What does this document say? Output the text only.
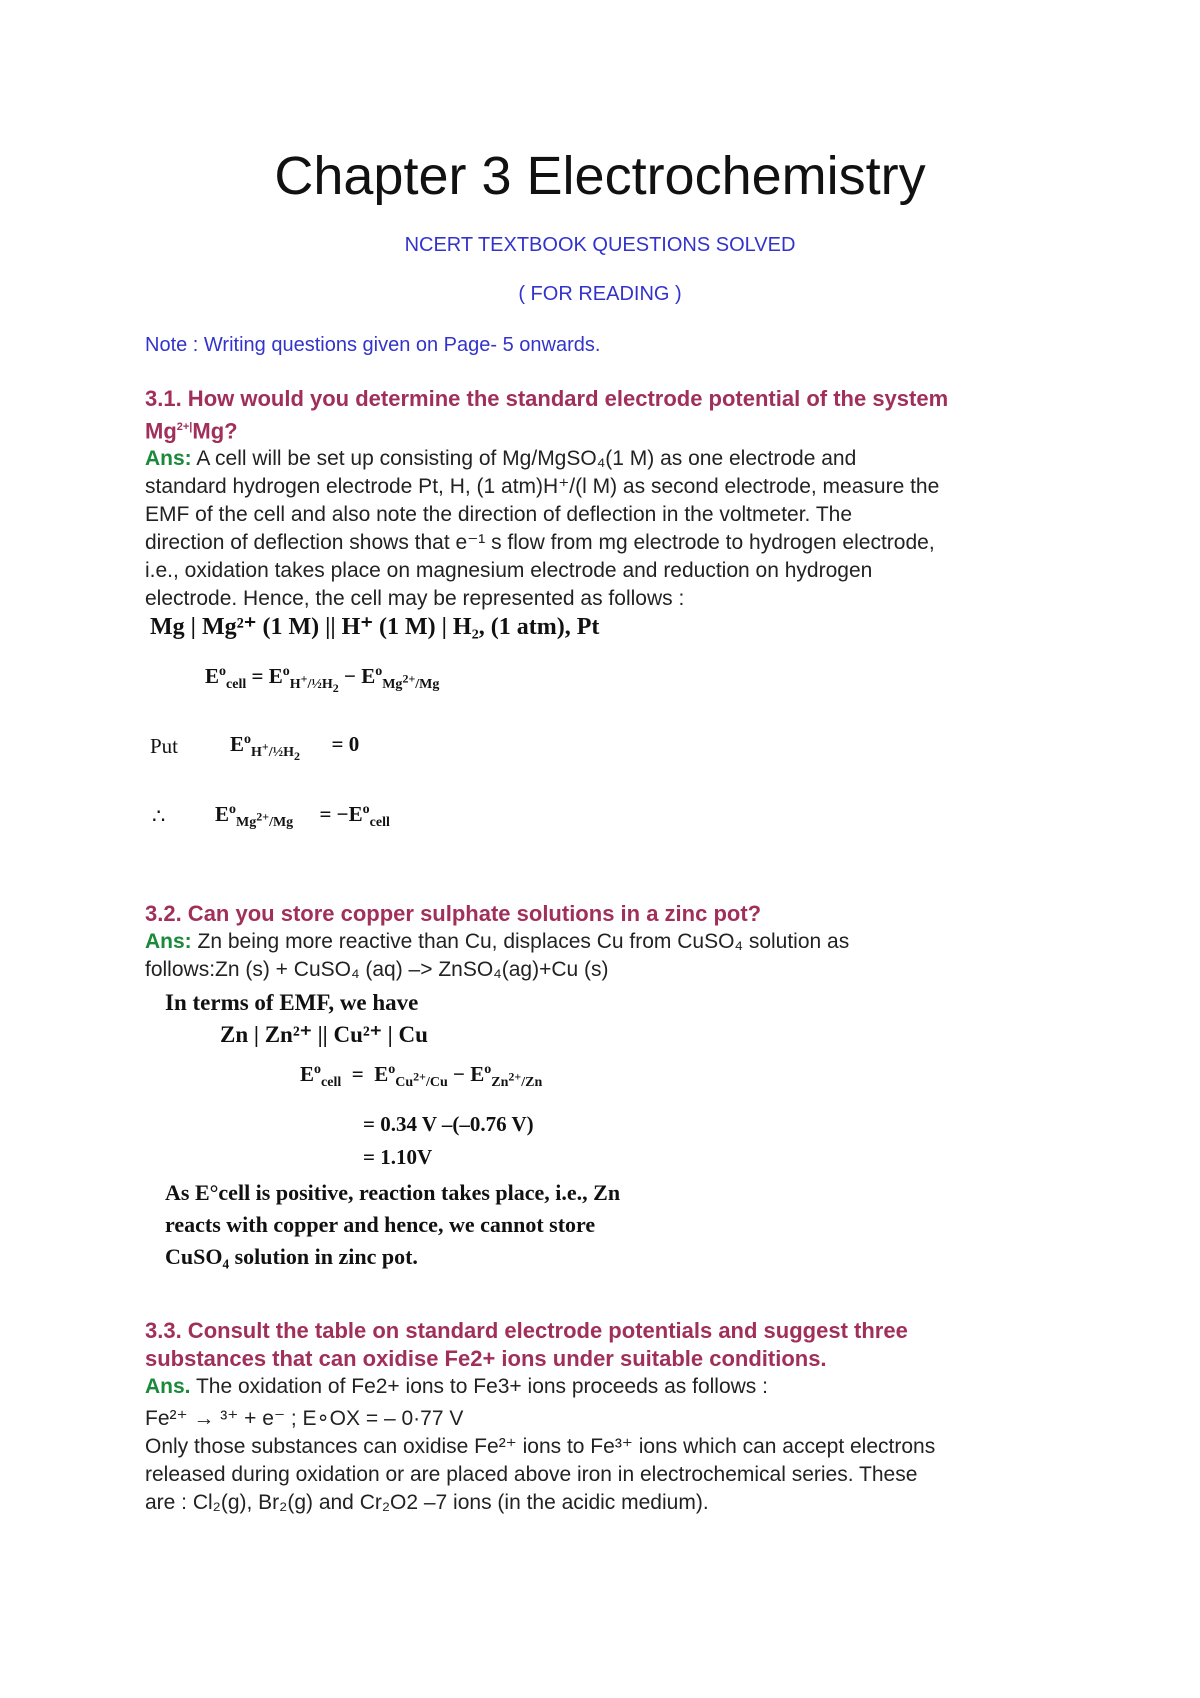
Chapter 3 Electrochemistry
NCERT TEXTBOOK QUESTIONS SOLVED
( FOR READING )
Note : Writing questions given on Page- 5 onwards.
3.1. How would you determine the standard electrode potential of the system
$Mg^{2+|}Mg$?
Ans: A cell will be set up consisting of Mg/MgSO₄(1 M) as one electrode and
standard hydrogen electrode Pt, H, (1 atm)H⁺/(l M) as second electrode, measure the
EMF of the cell and also note the direction of deflection in the voltmeter. The
direction of deflection shows that e⁻¹ s flow from mg electrode to hydrogen electrode,
i.e., oxidation takes place on magnesium electrode and reduction on hydrogen
electrode. Hence, the cell may be represented as follows :
Mg | Mg²⁺ (1 M) || H⁺ (1 M) | H₂, (1 atm), Pt
$E^o_{cell} = E^o_{H^+/\frac{1}{2}H_2} - E^o_{Mg^{2+}/Mg}$
Put $E^o_{H^+/\frac{1}{2}H_2}$      = 0
∴ $E^o_{Mg^{2+}/Mg}$     = $-E^o_{cell}$
3.2. Can you store copper sulphate solutions in a zinc pot?
Ans: Zn being more reactive than Cu, displaces Cu from CuSO₄ solution as
follows:Zn (s) + CuSO₄ (aq) –> ZnSO₄(ag)+Cu (s)
In terms of EMF, we have
Zn | Zn²⁺ || Cu²⁺ | Cu
$E^o_{cell} = E^o_{Cu^{2+}/Cu} - E^o_{Zn^{2+}/Zn}$
= 0.34 V –(–0.76 V)
= 1.10V
As E°cell is positive, reaction takes place, i.e., Zn
reacts with copper and hence, we cannot store
CuSO₄ solution in zinc pot.
3.3. Consult the table on standard electrode potentials and suggest three
substances that can oxidise Fe2+ ions under suitable conditions.
Ans. The oxidation of Fe2+ ions to Fe3+ ions proceeds as follows :
Fe²⁺ → ³⁺ + e⁻ ; E∘OX = – 0·77 V
Only those substances can oxidise Fe²⁺ ions to Fe³⁺ ions which can accept electrons
released during oxidation or are placed above iron in electrochemical series. These
are : Cl₂(g), Br₂(g) and Cr₂O2 –7 ions (in the acidic medium).
